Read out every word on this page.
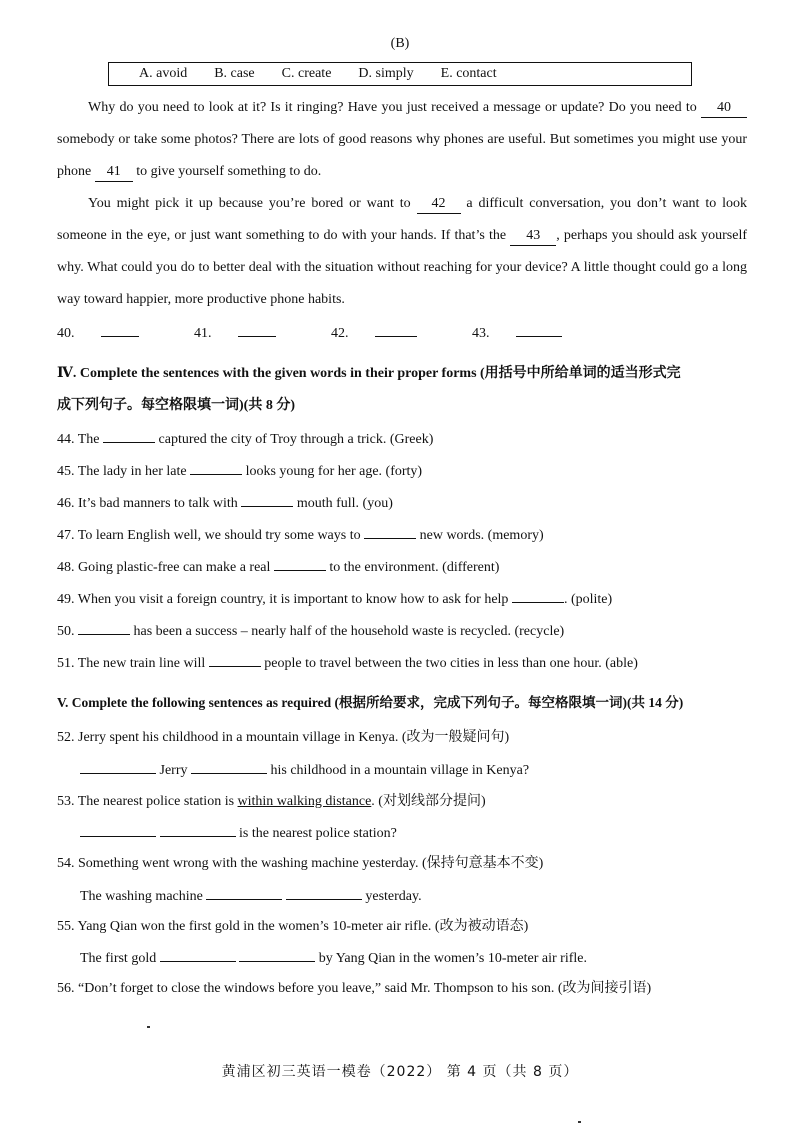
(B)
A. avoid B. case C. create D. simply E. contact

Why do you need to look at it? Is it ringing? Have you just received a message or update? Do you need to 40 somebody or take some photos? There are lots of good reasons why phones are useful. But sometimes you might use your phone 41 to give yourself something to do.

You might pick it up because you’re bored or want to 42 a difficult conversation, you don’t want to look someone in the eye, or just want something to do with your hands. If that’s the 43 , perhaps you should ask yourself why. What could you do to better deal with the situation without reaching for your device? A little thought could go a long way toward happier, more productive phone habits.

40.	41.	42.	43.

Ⅳ. Complete the sentences with the given words in their proper forms (用括号中所给单词的适当形式完
成下列句子。每空格限填一词)(共 8 分)

44. The	captured the city of Troy through a trick. (Greek)
45. The lady in her late	looks young for her age. (forty)
46. It’s bad manners to talk with	mouth full. (you)
47. To learn English well, we should try some ways to	new words. (memory)
48. Going plastic-free can make a real	to the environment. (different)
49. When you visit a foreign country, it is important to know how to ask for help	. (polite)
50.	has been a success – nearly half of the household waste is recycled. (recycle)
51. The new train line will	people to travel between the two cities in less than one hour. (able)

V. Complete the following sentences as required (根据所给要求，完成下列句子。每空格限填一词)(共 14 分)

52. Jerry spent his childhood in a mountain village in Kenya. (改为一般疑问句)
Jerry	his childhood in a mountain village in Kenya?
53. The nearest police station is within walking distance. (对划线部分提问)
is the nearest police station?
54. Something went wrong with the washing machine yesterday. (保持句意基本不变)
The washing machine	yesterday.
55. Yang Qian won the first gold in the women’s 10-meter air rifle. (改为被动语态)
The first gold	by Yang Qian in the women’s 10-meter air rifle.
56. “Don’t forget to close the windows before you leave,” said Mr. Thompson to his son. (改为间接引语)
黄浦区初三英语一模卷（2022） 第 4 页（共 8 页）
